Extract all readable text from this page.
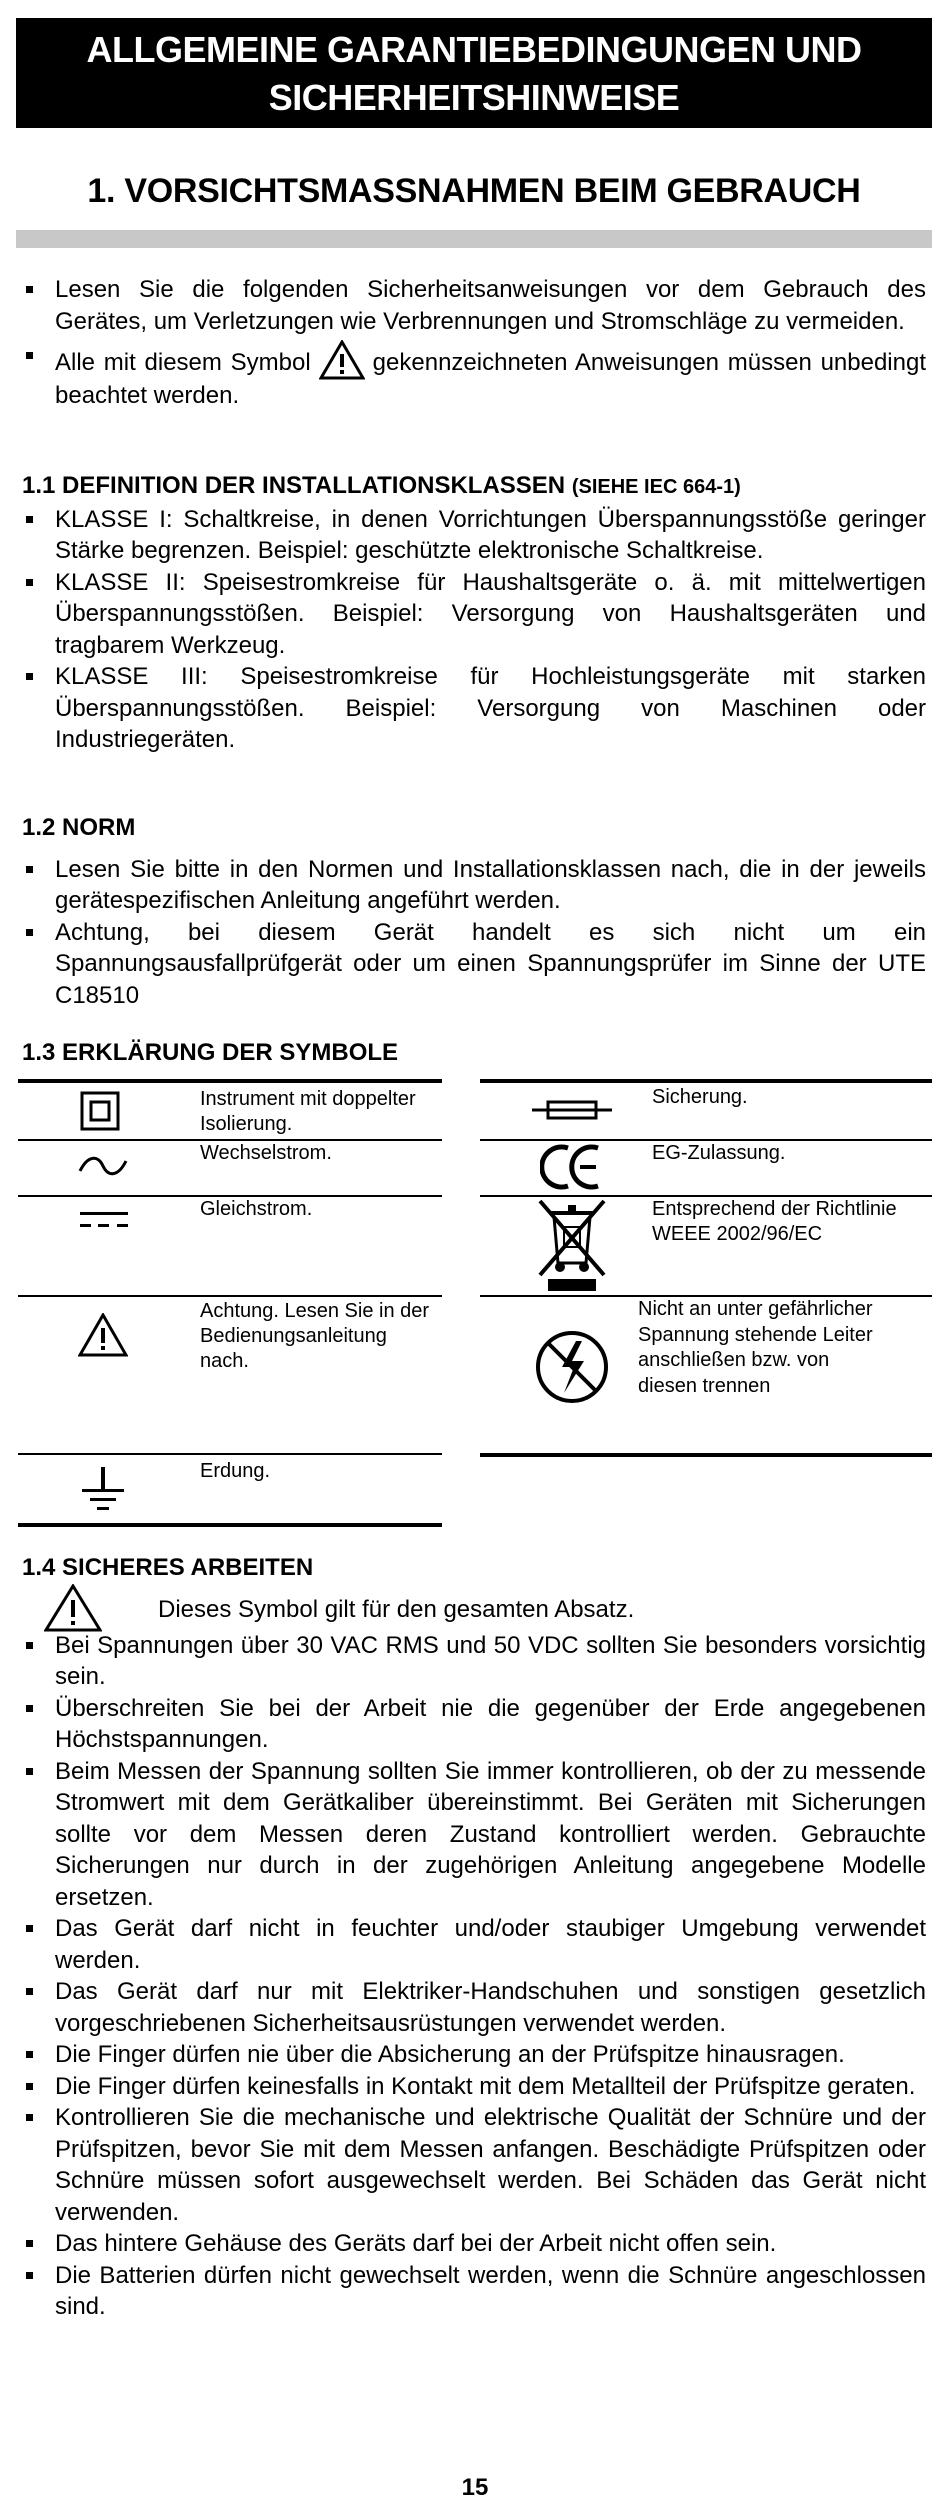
ALLGEMEINE GARANTIEBEDINGUNGEN UND
SICHERHEITSHINWEISE
1. VORSICHTSMASSNAHMEN BEIM GEBRAUCH
Lesen Sie die folgenden Sicherheitsanweisungen vor dem Gebrauch des Gerätes, um Verletzungen wie Verbrennungen und Stromschläge zu vermeiden.
Alle mit diesem Symbol	gekennzeichneten Anweisungen müssen unbedingt beachtet werden.
1.1 DEFINITION DER INSTALLATIONSKLASSEN (SIEHE IEC 664-1)
KLASSE I: Schaltkreise, in denen Vorrichtungen Überspannungsstöße geringer Stärke begrenzen. Beispiel: geschützte elektronische Schaltkreise.
KLASSE II: Speisestromkreise für Haushaltsgeräte o. ä. mit mittelwertigen Überspannungsstößen. Beispiel: Versorgung von Haushaltsgeräten und tragbarem Werkzeug.
KLASSE III: Speisestromkreise für Hochleistungsgeräte mit starken Überspannungsstößen. Beispiel: Versorgung von Maschinen oder Industriegeräten.
1.2 NORM
Lesen Sie bitte in den Normen und Installationsklassen nach, die in der jeweils gerätespezifischen Anleitung angeführt werden.
Achtung, bei diesem Gerät handelt es sich nicht um ein Spannungsausfallprüfgerät oder um einen Spannungsprüfer im Sinne der UTE C18510
1.3 ERKLÄRUNG DER SYMBOLE
Instrument mit doppelter Isolierung.
Wechselstrom.
Gleichstrom.
Achtung. Lesen Sie in der Bedienungsanleitung nach.
Erdung.
Sicherung.
EG-Zulassung.
Entsprechend der Richtlinie WEEE 2002/96/EC
Nicht an unter gefährlicher Spannung stehende Leiter anschließen bzw. von diesen trennen
1.4 SICHERES ARBEITEN
Dieses Symbol gilt für den gesamten Absatz.
Bei Spannungen über 30 VAC RMS und 50 VDC sollten Sie besonders vorsichtig sein.
Überschreiten Sie bei der Arbeit nie die gegenüber der Erde angegebenen Höchstspannungen.
Beim Messen der Spannung sollten Sie immer kontrollieren, ob der zu messende Stromwert mit dem Gerätkaliber übereinstimmt. Bei Geräten mit Sicherungen sollte vor dem Messen deren Zustand kontrolliert werden. Gebrauchte Sicherungen nur durch in der zugehörigen Anleitung angegebene Modelle ersetzen.
Das Gerät darf nicht in feuchter und/oder staubiger Umgebung verwendet werden.
Das Gerät darf nur mit Elektriker-Handschuhen und sonstigen gesetzlich vorgeschriebenen Sicherheitsausrüstungen verwendet werden.
Die Finger dürfen nie über die Absicherung an der Prüfspitze hinausragen.
Die Finger dürfen keinesfalls in Kontakt mit dem Metallteil der Prüfspitze geraten.
Kontrollieren Sie die mechanische und elektrische Qualität der Schnüre und der Prüfspitzen, bevor Sie mit dem Messen anfangen. Beschädigte Prüfspitzen oder Schnüre müssen sofort ausgewechselt werden. Bei Schäden das Gerät nicht verwenden.
Das hintere Gehäuse des Geräts darf bei der Arbeit nicht offen sein.
Die Batterien dürfen nicht gewechselt werden, wenn die Schnüre angeschlossen sind.
15
